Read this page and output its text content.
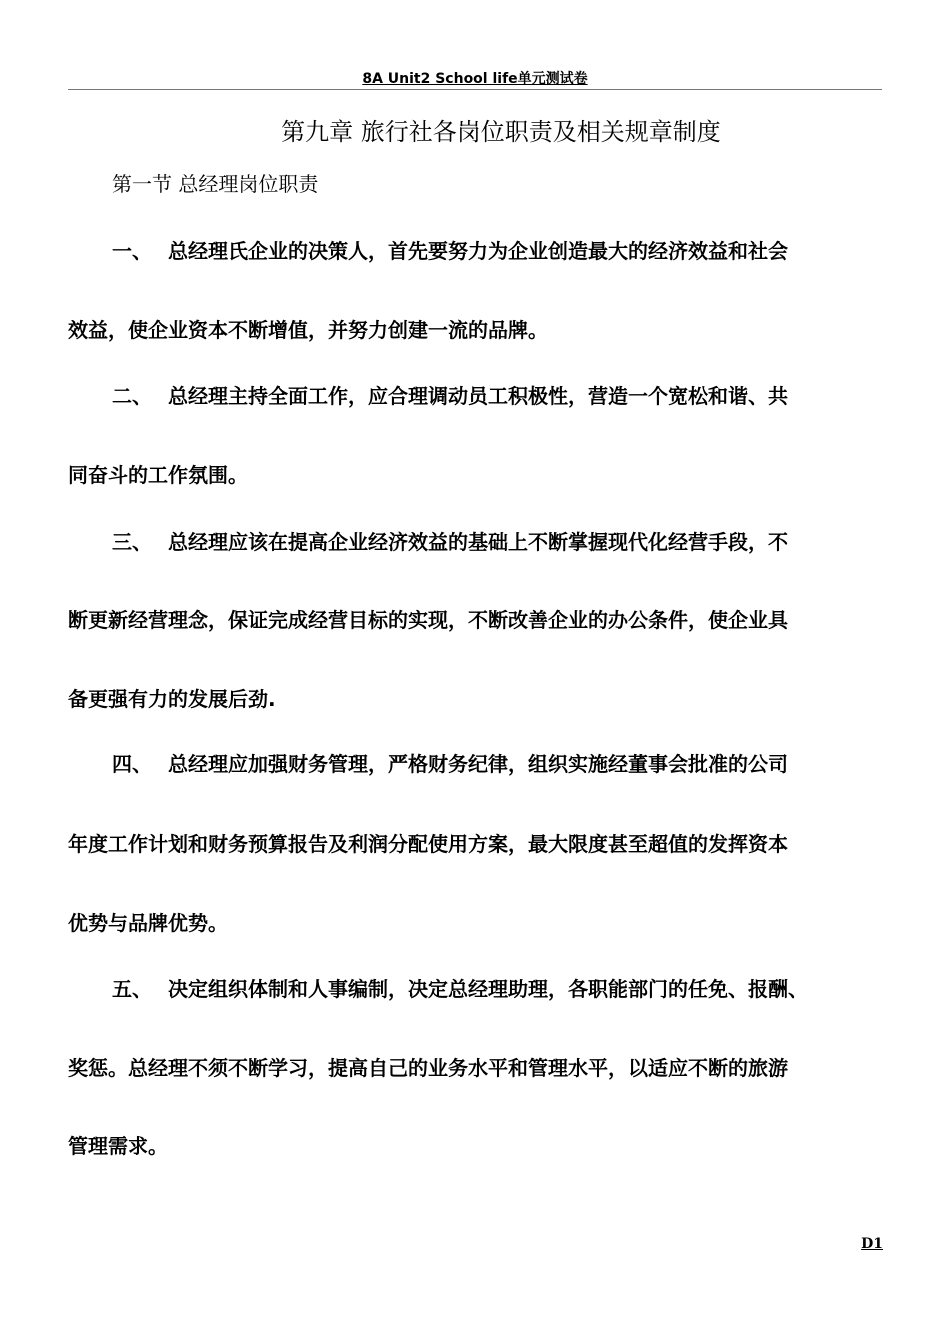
8A Unit2 School life单元测试卷
第九章 旅行社各岗位职责及相关规章制度
第一节 总经理岗位职责
一、 总经理氏企业的决策人，首先要努力为企业创造最大的经济效益和社会
效益，使企业资本不断增值，并努力创建一流的品牌。
二、 总经理主持全面工作，应合理调动员工积极性，营造一个宽松和谐、共
同奋斗的工作氛围。
三、 总经理应该在提高企业经济效益的基础上不断掌握现代化经营手段，不
断更新经营理念，保证完成经营目标的实现，不断改善企业的办公条件，使企业具
备更强有力的发展后劲.
四、 总经理应加强财务管理，严格财务纪律，组织实施经董事会批准的公司
年度工作计划和财务预算报告及利润分配使用方案，最大限度甚至超值的发挥资本
优势与品牌优势。
五、 决定组织体制和人事编制，决定总经理助理，各职能部门的任免、报酬、
奖惩。总经理不须不断学习，提高自己的业务水平和管理水平，以适应不断的旅游
管理需求。
D1
